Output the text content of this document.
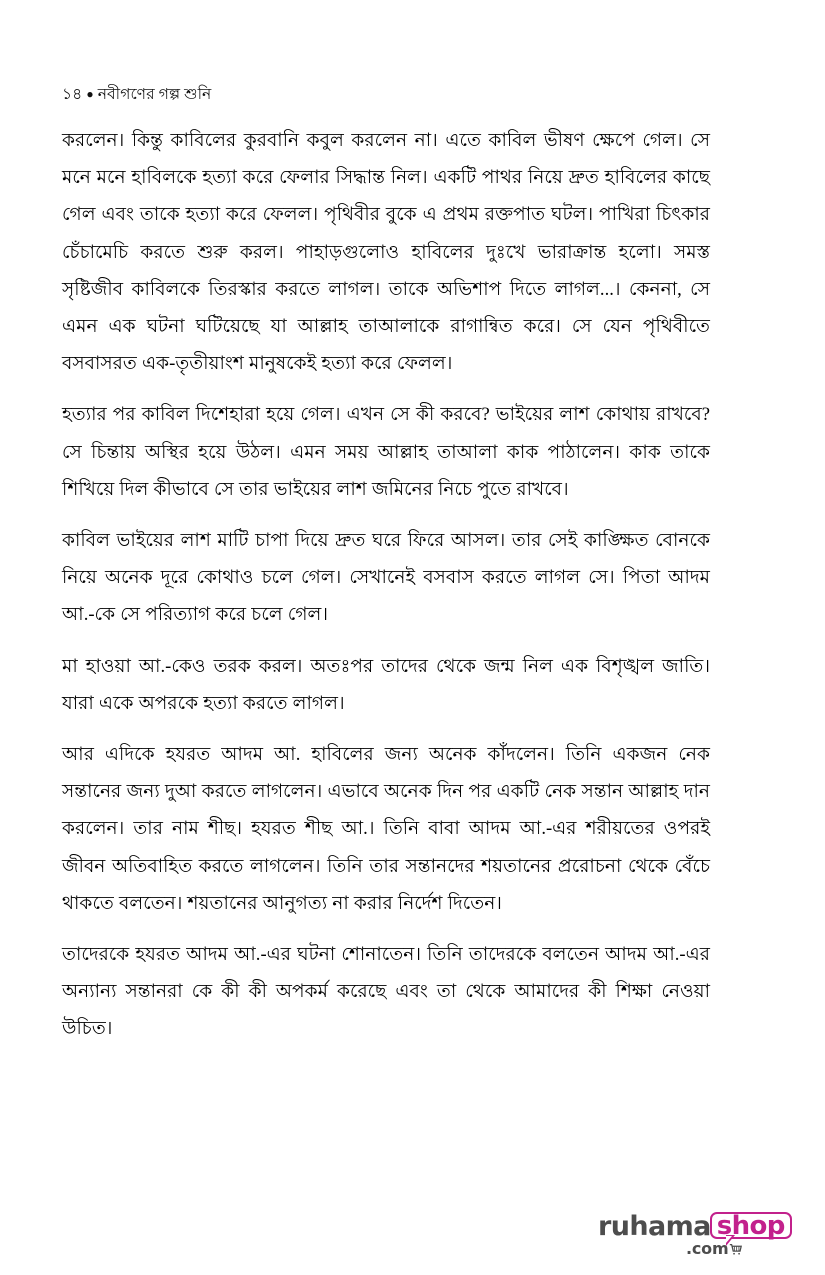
১৪ ● নবীগণের গল্প শুনি

করলেন। কিন্তু কাবিলের কুরবানি কবুল করলেন না। এতে কাবিল ভীষণ ক্ষেপে গেল। সে মনে মনে হাবিলকে হত্যা করে ফেলার সিদ্ধান্ত নিল। একটি পাথর নিয়ে দ্রুত হাবিলের কাছে গেল এবং তাকে হত্যা করে ফেলল। পৃথিবীর বুকে এ প্রথম রক্তপাত ঘটল। পাখিরা চিৎকার চেঁচামেচি করতে শুরু করল। পাহাড়গুলোও হাবিলের দুঃখে ভারাক্রান্ত হলো। সমস্ত সৃষ্টিজীব কাবিলকে তিরস্কার করতে লাগল। তাকে অভিশাপ দিতে লাগল...। কেননা, সে এমন এক ঘটনা ঘটিয়েছে যা আল্লাহ তাআলাকে রাগান্বিত করে। সে যেন পৃথিবীতে বসবাসরত এক-তৃতীয়াংশ মানুষকেই হত্যা করে ফেলল।

হত্যার পর কাবিল দিশেহারা হয়ে গেল। এখন সে কী করবে? ভাইয়ের লাশ কোথায় রাখবে? সে চিন্তায় অস্থির হয়ে উঠল। এমন সময় আল্লাহ তাআলা কাক পাঠালেন। কাক তাকে শিখিয়ে দিল কীভাবে সে তার ভাইয়ের লাশ জমিনের নিচে পুতে রাখবে।

কাবিল ভাইয়ের লাশ মাটি চাপা দিয়ে দ্রুত ঘরে ফিরে আসল। তার সেই কাঙ্ক্ষিত বোনকে নিয়ে অনেক দূরে কোথাও চলে গেল। সেখানেই বসবাস করতে লাগল সে। পিতা আদম আ.-কে সে পরিত্যাগ করে চলে গেল।

মা হাওয়া আ.-কেও তরক করল। অতঃপর তাদের থেকে জন্ম নিল এক বিশৃঙ্খল জাতি। যারা একে অপরকে হত্যা করতে লাগল।

আর এদিকে হযরত আদম আ. হাবিলের জন্য অনেক কাঁদলেন। তিনি একজন নেক সন্তানের জন্য দুআ করতে লাগলেন। এভাবে অনেক দিন পর একটি নেক সন্তান আল্লাহ দান করলেন। তার নাম শীছ। হযরত শীছ আ.। তিনি বাবা আদম আ.-এর শরীয়তের ওপরই জীবন অতিবাহিত করতে লাগলেন। তিনি তার সন্তানদের শয়তানের প্ররোচনা থেকে বেঁচে থাকতে বলতেন। শয়তানের আনুগত্য না করার নির্দেশ দিতেন।

তাদেরকে হযরত আদম আ.-এর ঘটনা শোনাতেন। তিনি তাদেরকে বলতেন আদম আ.-এর অন্যান্য সন্তানরা কে কী কী অপকর্ম করেছে এবং তা থেকে আমাদের কী শিক্ষা নেওয়া উচিত।

ruhama shop
.com
